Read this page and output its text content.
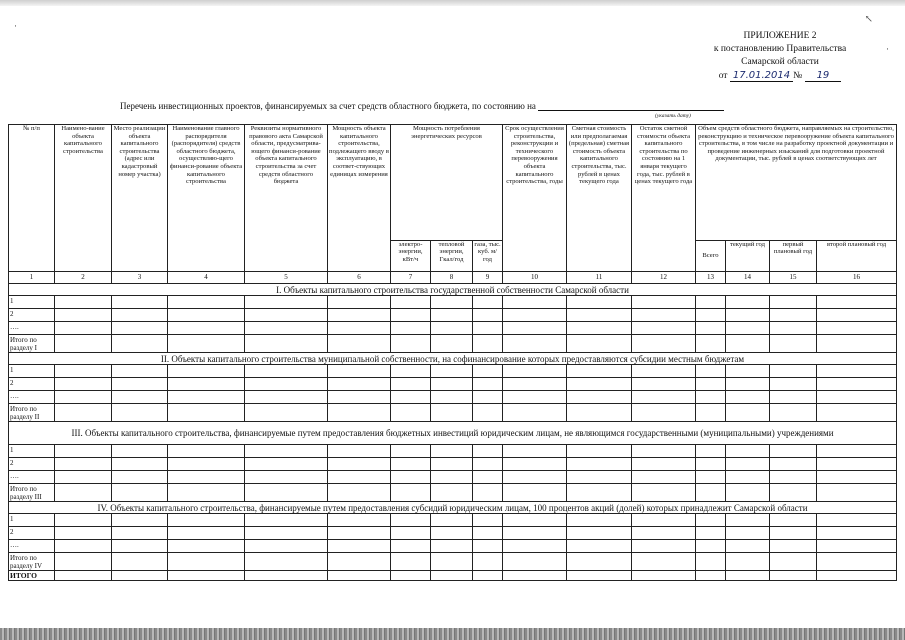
↖
·
·
ПРИЛОЖЕНИЕ 2
к постановлению Правительства
Самарской области
от 17.01.2014 № 19
Перечень инвестиционных проектов, финансируемых за счет средств областного бюджета, по состоянию на
(указать дату)
№ п/п	Наимено-вание объекта капитального строительства	Место реализации объекта капитального строительства (адрес или кадастровый номер участка)	Наименование главного распорядителя (распорядителя) средств областного бюджета, осуществляю-щего финанси-рование объекта капитального строительства	Реквизиты нормативного правового акта Самарской области, предусматрива-ющего финанси-рование объекта капитального строительства за счет средств областного бюджета	Мощность объекта капитального строительства, подлежащего вводу в эксплуатацию, в соответ-ствующих единицах измерения	Мощность потребления энергетических ресурсов			Срок осуществления строительства, реконструкции и технического перевооружения объекта капитального строительства, годы	Сметная стоимость или предполагаемая (предельная) сметная стоимость объекта капитального строительства, тыс. рублей в ценах текущего года	Остаток сметной стоимости объекта капитального строительства по состоянию на 1 января текущего года, тыс. рублей в ценах текущего года	Объем средств областного бюджета, направляемых на строительство, реконструкцию и техническое перевооружение объекта капитального строительства, в том числе на разработку проектной документации и проведение инженерных изысканий для подготовки проектной документации, тыс. рублей в ценах соответствующих лет			
						электро-энергии, кВт/ч	тепловой энергии, Гкал/год	газа, тыс. куб. м/год				Всего	текущий год	первый плановый год	второй плановый год
1	2	3	4	5	6	7	8	9	10	11	12	13	14	15	16
I. Объекты капитального строительства государственной собственности Самарской области															
1															
2															
….															
Итого по разделу I															
II. Объекты капитального строительства муниципальной собственности, на софинансирование которых предоставляются субсидии местным бюджетам															
1															
2															
….															
Итого по разделу II															
III. Объекты капитального строительства, финансируемые путем предоставления бюджетных инвестиций юридическим лицам, не являющимся государственными (муниципальными) учреждениями															
1															
2															
….															
Итого по разделу III															
IV. Объекты капитального строительства, финансируемые путем предоставления субсидий юридическим лицам, 100 процентов акций (долей) которых принадлежит Самарской области															
1															
2															
….															
Итого по разделу IV															
ИТОГО															
